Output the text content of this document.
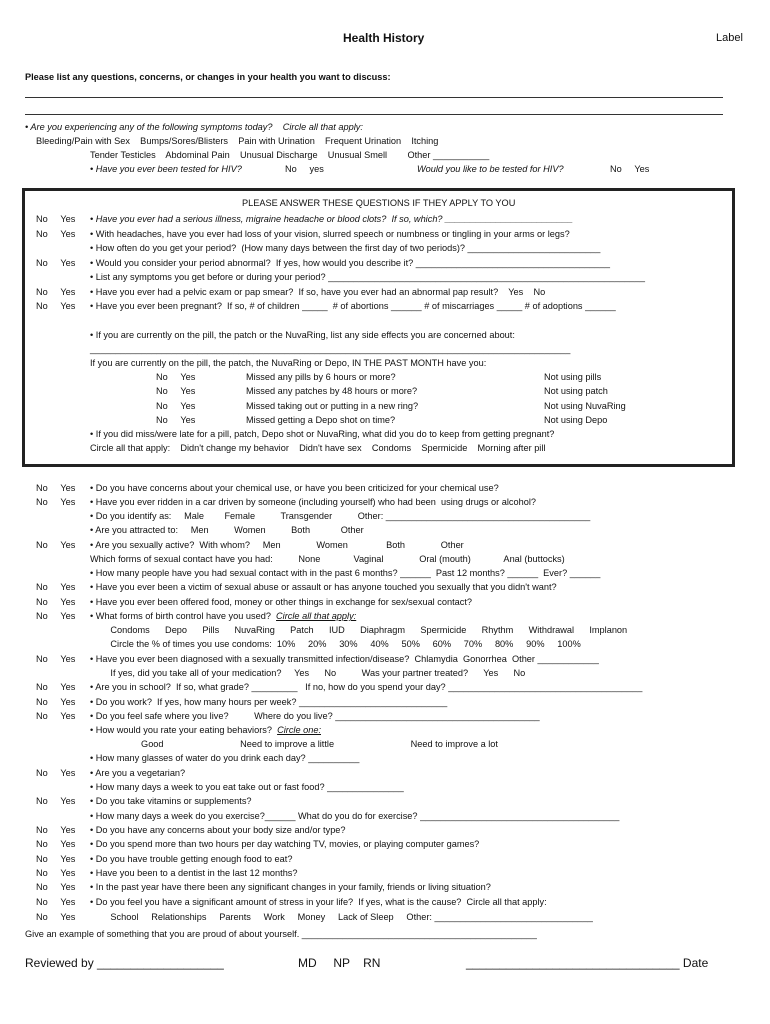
Health History	Label
Please list any questions, concerns, or changes in your health you want to discuss:
• Are you experiencing any of the following symptoms today?    Circle all that apply:
Bleeding/Pain with Sex    Bumps/Sores/Blisters    Pain with Urination    Frequent Urination    Itching
Tender Testicles    Abdominal Pain    Unusual Discharge    Unusual Smell        Other ___________
• Have you ever been tested for HIV?	No     yes	Would you like to be tested for HIV?	No     Yes
PLEASE ANSWER THESE QUESTIONS IF THEY APPLY TO YOU
No     Yes • Have you ever had a serious illness, migraine headache or blood clots?  If so, which? _________________________
No     Yes • With headaches, have you ever had loss of your vision, slurred speech or numbness or tingling in your arms or legs?
• How often do you get your period?  (How many days between the first day of two periods)? __________________________
No     Yes • Would you consider your period abnormal?  If yes, how would you describe it? ______________________________________
• List any symptoms you get before or during your period? ______________________________________________________________
No     Yes • Have you ever had a pelvic exam or pap smear?  If so, have you ever had an abnormal pap result?    Yes    No
No     Yes • Have you ever been pregnant?  If so, # of children _____  # of abortions ______ # of miscarriages _____ # of adoptions ______
• If you are currently on the pill, the patch or the NuvaRing, list any side effects you are concerned about:
______________________________________________________________________________________________
If you are currently on the pill, the patch, the NuvaRing or Depo, IN THE PAST MONTH have you:
No     Yes	Missed any pills by 6 hours or more?	Not using pills
No     Yes	Missed any patches by 48 hours or more?	Not using patch
No     Yes	Missed taking out or putting in a new ring?	Not using NuvaRing
No     Yes	Missed getting a Depo shot on time?	Not using Depo
• If you did miss/were late for a pill, patch, Depo shot or NuvaRing, what did you do to keep from getting pregnant?
Circle all that apply:    Didn't change my behavior    Didn't have sex    Condoms    Spermicide    Morning after pill
No     Yes • Do you have concerns about your chemical use, or have you been criticized for your chemical use?
No     Yes • Have you ever ridden in a car driven by someone (including yourself) who had been  using drugs or alcohol?
• Do you identify as:     Male        Female          Transgender          Other: ________________________________________
• Are you attracted to:     Men          Women          Both            Other
No     Yes • Are you sexually active?  With whom?     Men              Women               Both              Other
Which forms of sexual contact have you had:          None             Vaginal              Oral (mouth)             Anal (buttocks)
• How many people have you had sexual contact with in the past 6 months? ______  Past 12 months? ______  Ever? ______
No     Yes • Have you ever been a victim of sexual abuse or assault or has anyone touched you sexually that you didn't want?
No     Yes • Have you ever been offered food, money or other things in exchange for sex/sexual contact?
No     Yes • What forms of birth control have you used?  Circle all that apply:
Condoms      Depo      Pills      NuvaRing      Patch      IUD      Diaphragm      Spermicide      Rhythm      Withdrawal      Implanon
Circle the % of times you use condoms:  10%     20%     30%     40%     50%     60%     70%     80%     90%     100%
No     Yes • Have you ever been diagnosed with a sexually transmitted infection/disease?  Chlamydia  Gonorrhea  Other ____________
If yes, did you take all of your medication?     Yes      No          Was your partner treated?      Yes      No
No     Yes • Are you in school?  If so, what grade? _________   If no, how do you spend your day? ______________________________________
No     Yes • Do you work?  If yes, how many hours per week? _____________________________
No     Yes • Do you feel safe where you live?          Where do you live? ________________________________________
• How would you rate your eating behaviors?  Circle one:
Good                              Need to improve a little                              Need to improve a lot
• How many glasses of water do you drink each day? __________
No     Yes • Are you a vegetarian?
• How many days a week to you eat take out or fast food? _______________
No     Yes • Do you take vitamins or supplements?
• How many days a week do you exercise?______ What do you do for exercise? _______________________________________
No     Yes • Do you have any concerns about your body size and/or type?
No     Yes • Do you spend more than two hours per day watching TV, movies, or playing computer games?
No     Yes • Do you have trouble getting enough food to eat?
No     Yes • Have you been to a dentist in the last 12 months?
No     Yes • In the past year have there been any significant changes in your family, friends or living situation?
No     Yes • Do you feel you have a significant amount of stress in your life?  If yes, what is the cause?  Circle all that apply:
No     Yes School     Relationships     Parents     Work     Money     Lack of Sleep     Other: _______________________________
Give an example of something that you are proud of about yourself. ______________________________________________
Reviewed by ___________________	MD     NP    RN	________________________________ Date
